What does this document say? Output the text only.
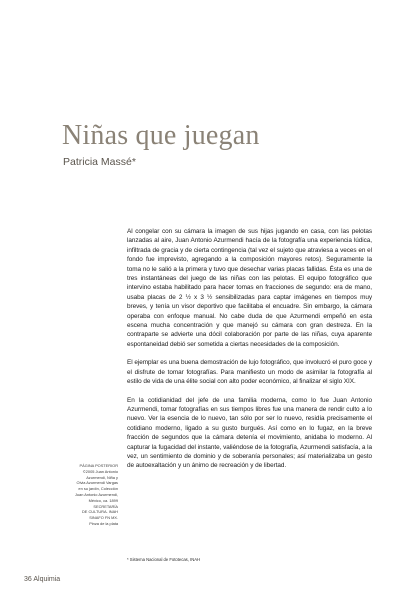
Niñas que juegan

Patricia Massé*

Al congelar con su cámara la imagen de sus hijas jugando en casa, con las pelotas lanzadas al aire, Juan Antonio Azurmendi hacía de la fotografía una experiencia lúdica, infiltrada de gracia y de cierta contingencia (tal vez el sujeto que atraviesa a veces en el fondo fue imprevisto, agregando a la composición mayores retos). Seguramente la toma no le salió a la primera y tuvo que desechar varias placas fallidas. Ésta es una de tres instantáneas del juego de las niñas con las pelotas. El equipo fotográfico que intervino estaba habilitado para hacer tomas en fracciones de segundo: era de mano, usaba placas de 2 ½ x 3 ½ sensibilizadas para captar imágenes en tiempos muy breves, y tenía un visor deportivo que facilitaba el encuadre. Sin embargo, la cámara operaba con enfoque manual. No cabe duda de que Azurmendi empeñó en esta escena mucha concentración y que manejó su cámara con gran destreza. En la contraparte se advierte una dócil colaboración por parte de las niñas, cuya aparente espontaneidad debió ser sometida a ciertas necesidades de la composición.

El ejemplar es una buena demostración de lujo fotográfico, que involucró el puro goce y el disfrute de tomar fotografías. Para manifiesto un modo de asimilar la fotografía al estilo de vida de una élite social con alto poder económico, al finalizar el siglo XIX.

En la cotidianidad del jefe de una familia moderna, como lo fue Juan Antonio Azurmendi, tomar fotografías en sus tiempos libres fue una manera de rendir culto a lo nuevo. Ver la esencia de lo nuevo, tan sólo por ser lo nuevo, residía precisamente el cotidiano moderno, ligado a su gusto burgués. Así como en lo fugaz, en la breve fracción de segundos que la cámara detenía el movimiento, anidaba lo moderno. Al capturar la fugacidad del instante, valiéndose de la fotografía, Azurmendi satisfacía, a la vez, un sentimiento de dominio y de soberanía personales; así materializaba un gesto de autoexaltación y un ánimo de recreación y de libertad.

PÁGINA POSTERIOR
©2005 Juan Antonio
Azurmendi, Niña y
Olvia Azurmendi Vargas
en su jardín, Colección
Juan Antonio Azurmendi,
México, ca. 1899
SECRETARÍA
DE CULTURA. INAH
SINAFO FN MX.
Pinza de la plata

* Sistema Nacional de Fototecas, INAH

36 Alquimia
